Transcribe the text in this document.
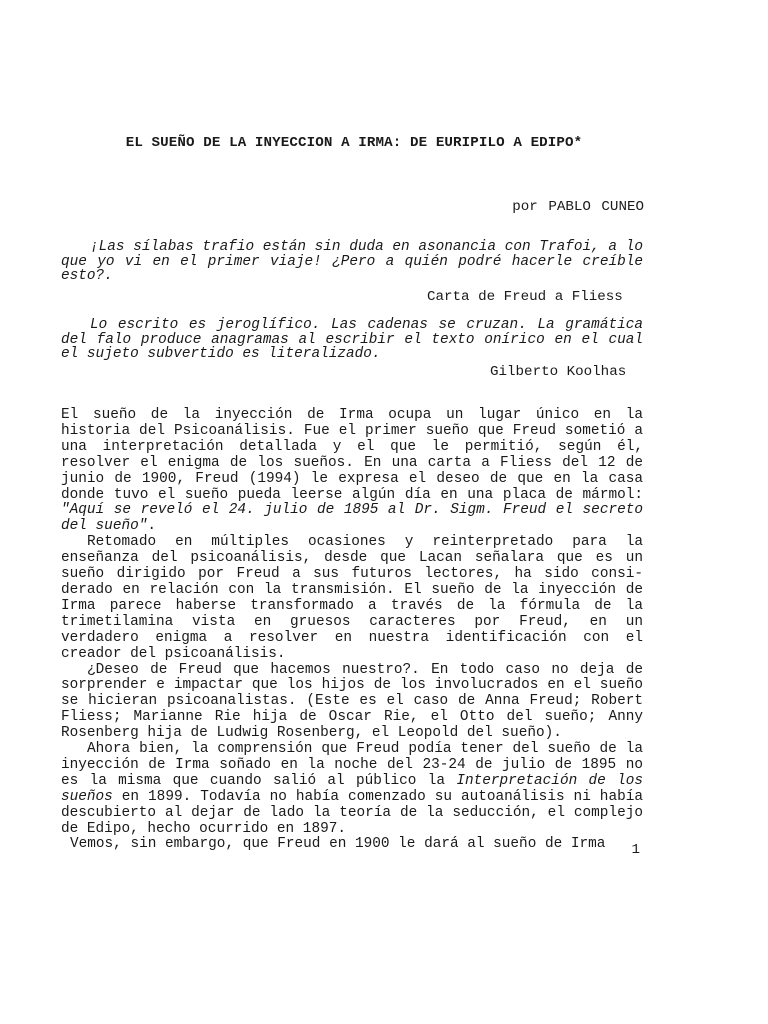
EL SUEÑO DE LA INYECCION A IRMA: DE EURIPILO A EDIPO*
por PABLO CUNEO

¡Las sílabas trafio están sin duda en asonancia con Trafoi, a lo que yo vi en el primer viaje! ¿Pero a quién podré hacerle creíble esto?.

Carta de Freud a Fliess

Lo escrito es jeroglífico. Las cadenas se cruzan. La gramática del falo produce anagramas al escribir el texto onírico en el cual el sujeto subvertido es literalizado.

Gilberto Koolhas

El sueño de la inyección de Irma ocupa un lugar único en la historia del Psicoanálisis. Fue el primer sueño que Freud sometió a una interpretación detallada y el que le permitió, según él, resolver el enigma de los sueños. En una carta a Fliess del 12 de junio de 1900, Freud (1994) le expresa el deseo de que en la casa donde tuvo el sueño pueda leerse algún día en una placa de mármol: "Aquí se reveló el 24. julio de 1895 al Dr. Sigm. Freud el secreto del sueño".

Retomado en múltiples ocasiones y reinterpretado para la enseñanza del psicoanálisis, desde que Lacan señalara que es un sueño dirigido por Freud a sus futuros lectores, ha sido consi-derado en relación con la transmisión. El sueño de la inyección de Irma parece haberse transformado a través de la fórmula de la trimetilamina vista en gruesos caracteres por Freud, en un verdadero enigma a resolver en nuestra identificación con el creador del psicoanálisis.

¿Deseo de Freud que hacemos nuestro?. En todo caso no deja de sorprender e impactar que los hijos de los involucrados en el sueño se hicieran psicoanalistas. (Este es el caso de Anna Freud; Robert Fliess; Marianne Rie hija de Oscar Rie, el Otto del sueño; Anny Rosenberg hija de Ludwig Rosenberg, el Leopold del sueño).

Ahora bien, la comprensión que Freud podía tener del sueño de la inyección de Irma soñado en la noche del 23-24 de julio de 1895 no es la misma que cuando salió al público la Interpretación de los sueños en 1899. Todavía no había comenzado su autoanálisis ni había descubierto al dejar de lado la teoría de la seducción, el complejo de Edipo, hecho ocurrido en 1897.

Vemos, sin embargo, que Freud en 1900 le dará al sueño de Irma	1
